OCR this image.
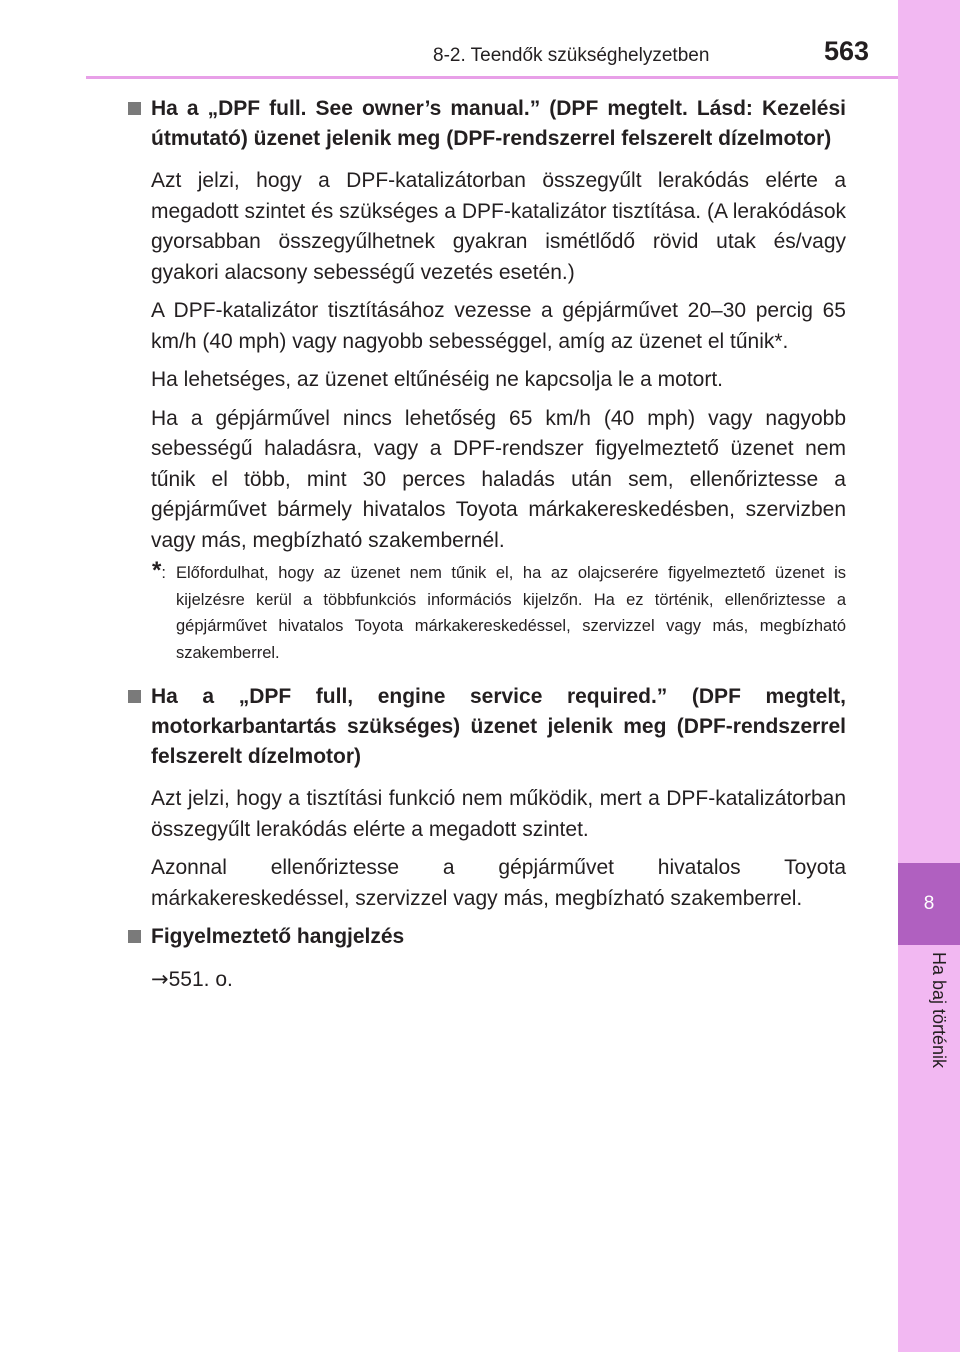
8-2. Teendők szükséghelyzetben	563
8
Ha baj történik
Ha a „DPF full. See owner’s manual.” (DPF megtelt. Lásd: Kezelési útmutató) üzenet jelenik meg (DPF-rendszerrel felszerelt dízelmotor)
Azt jelzi, hogy a DPF-katalizátorban összegyűlt lerakódás elérte a megadott szintet és szükséges a DPF-katalizátor tisztítása. (A lerakódások gyorsabban összegyűlhetnek gyakran ismétlődő rövid utak és/vagy gyakori alacsony sebességű vezetés esetén.)
A DPF-katalizátor tisztításához vezesse a gépjárművet 20–30 percig 65 km/h (40 mph) vagy nagyobb sebességgel, amíg az üzenet el tűnik*.
Ha lehetséges, az üzenet eltűnéséig ne kapcsolja le a motort.
Ha a gépjárművel nincs lehetőség 65 km/h (40 mph) vagy nagyobb sebességű haladásra, vagy a DPF-rendszer figyelmeztető üzenet nem tűnik el több, mint 30 perces haladás után sem, ellenőriztesse a gépjárművet bármely hivatalos Toyota márkakereskedésben, szervizben vagy más, megbízható szakembernél.
*: Előfordulhat, hogy az üzenet nem tűnik el, ha az olajcserére figyelmeztető üzenet is kijelzésre kerül a többfunkciós információs kijelzőn. Ha ez történik, ellenőriztesse a gépjárművet hivatalos Toyota márkakereskedéssel, szervizzel vagy más, megbízható szakemberrel.
Ha a „DPF full, engine service required.” (DPF megtelt, motorkarbantartás szükséges) üzenet jelenik meg (DPF-rendszerrel felszerelt dízelmotor)
Azt jelzi, hogy a tisztítási funkció nem működik, mert a DPF-katalizátorban összegyűlt lerakódás elérte a megadott szintet.
Azonnal ellenőriztesse a gépjárművet hivatalos Toyota márkakereskedéssel, szervizzel vagy más, megbízható szakemberrel.
Figyelmeztető hangjelzés
→551. o.
